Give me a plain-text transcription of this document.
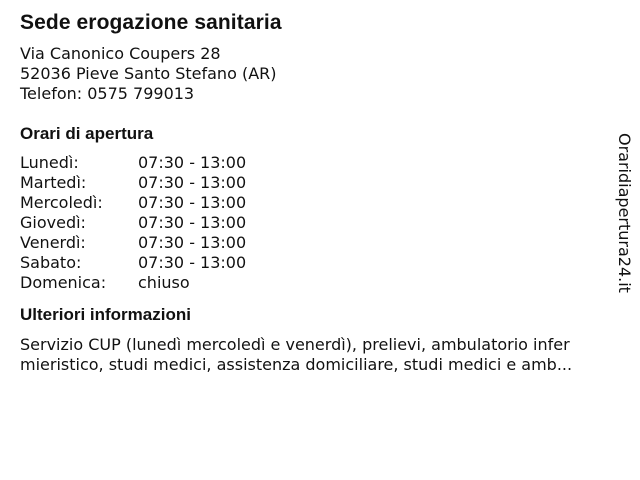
Sede erogazione sanitaria
Via Canonico Coupers 28
52036 Pieve Santo Stefano (AR)
Telefon: 0575 799013
Orari di apertura
Lunedì:	07:30 - 13:00
Martedì:	07:30 - 13:00
Mercoledì:	07:30 - 13:00
Giovedì:	07:30 - 13:00
Venerdì:	07:30 - 13:00
Sabato:	07:30 - 13:00
Domenica:	chiuso
Ulteriori informazioni
Servizio CUP (lunedì mercoledì e venerdì), prelievi, ambulatorio infer
mieristico, studi medici, assistenza domiciliare, studi medici e amb...
Oraridiapertura24.it
